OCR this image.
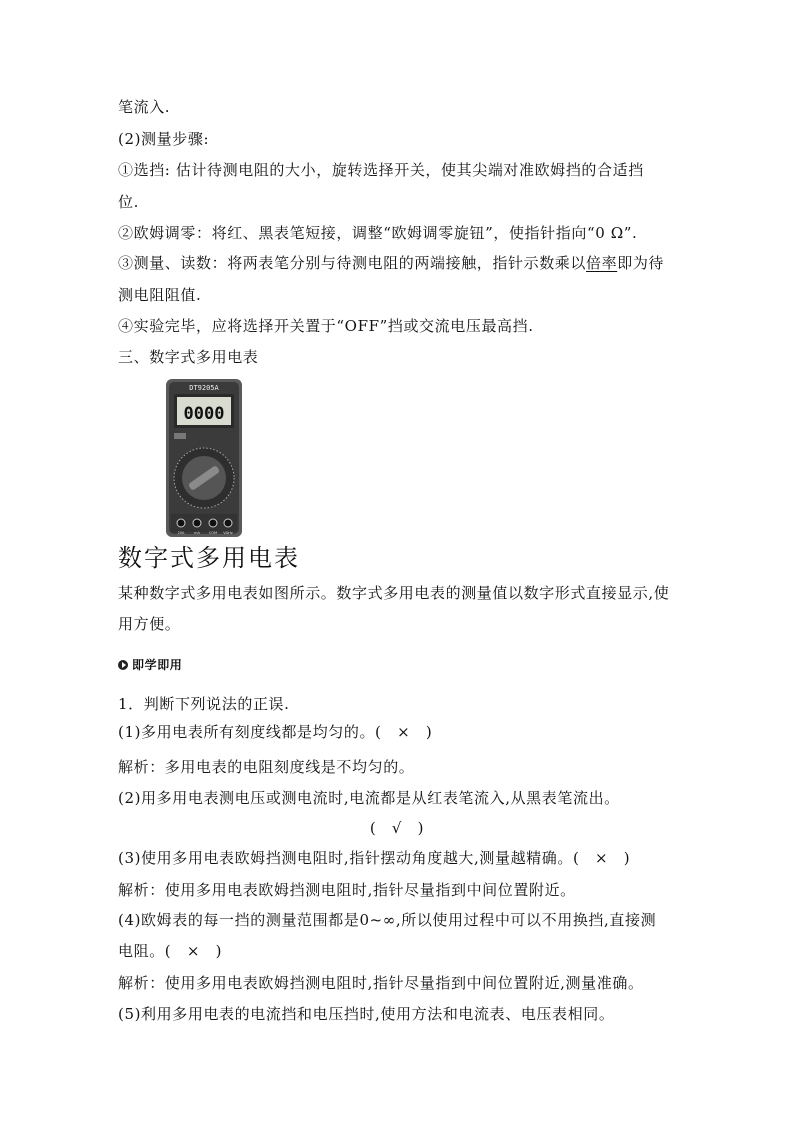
笔流入.
(2)测量步骤:
①选挡: 估计待测电阻的大小，旋转选择开关，使其尖端对准欧姆挡的合适挡
位.
②欧姆调零：将红、黑表笔短接，调整“欧姆调零旋钮”，使指针指向“0 Ω”.
③测量、读数：将两表笔分别与待测电阻的两端接触，指针示数乘以倍率即为待
测电阻阻值.
④实验完毕，应将选择开关置于“OFF”挡或交流电压最高挡.
三、数字式多用电表
DT9205A
0000
20A	mA	COM VΩHz
数字式多用电表
某种数字式多用电表如图所示。数字式多用电表的测量值以数字形式直接显示,使
用方便。
即学即用
1．判断下列说法的正误.
(1)多用电表所有刻度线都是均匀的。(　×　)
解析：多用电表的电阻刻度线是不均匀的。
(2)用多用电表测电压或测电流时,电流都是从红表笔流入,从黑表笔流出。
(　√　)
(3)使用多用电表欧姆挡测电阻时,指针摆动角度越大,测量越精确。(　×　)
解析：使用多用电表欧姆挡测电阻时,指针尽量指到中间位置附近。
(4)欧姆表的每一挡的测量范围都是0~∞,所以使用过程中可以不用换挡,直接测
电阻。(　×　)
解析：使用多用电表欧姆挡测电阻时,指针尽量指到中间位置附近,测量准确。
(5)利用多用电表的电流挡和电压挡时,使用方法和电流表、电压表相同。
